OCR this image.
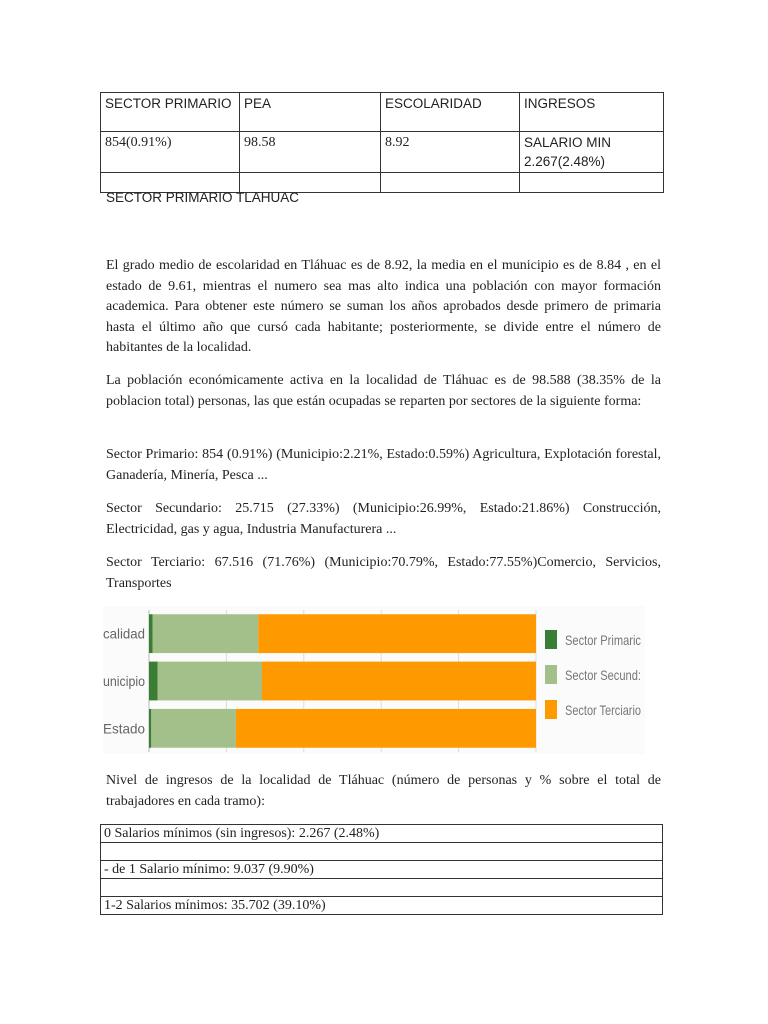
SECTOR PRIMARIO	PEA	ESCOLARIDAD	INGRESOS
854(0.91%)	98.58	8.92	SALARIO MIN 2.267(2.48%)

SECTOR PRIMARIO TLAHUAC

El grado medio de escolaridad en Tláhuac es de 8.92, la media en el municipio es de 8.84 , en el estado de 9.61, mientras el numero sea mas alto indica una población con mayor formación academica. Para obtener este número se suman los años aprobados desde primero de primaria hasta el último año que cursó cada habitante; posteriormente, se divide entre el número de habitantes de la localidad.

La población económicamente activa en la localidad de Tláhuac es de 98.588 (38.35% de la poblacion total) personas, las que están ocupadas se reparten por sectores de la siguiente forma:

Sector Primario: 854 (0.91%) (Municipio:2.21%, Estado:0.59%) Agricultura, Explotación forestal, Ganadería, Minería, Pesca ...

Sector Secundario: 25.715 (27.33%) (Municipio:26.99%, Estado:21.86%) Construcción, Electricidad, gas y agua, Industria Manufacturera ...

Sector Terciario: 67.516 (71.76%) (Municipio:70.79%, Estado:77.55%)Comercio, Servicios, Transportes

calidad
unicipio
Estado
Sector Primaric
Sector Secund:
Sector Terciario

Nivel de ingresos de la localidad de Tláhuac (número de personas y % sobre el total de trabajadores en cada tramo):

0 Salarios mínimos (sin ingresos): 2.267 (2.48%)

- de 1 Salario mínimo: 9.037 (9.90%)

1-2 Salarios mínimos: 35.702 (39.10%)
